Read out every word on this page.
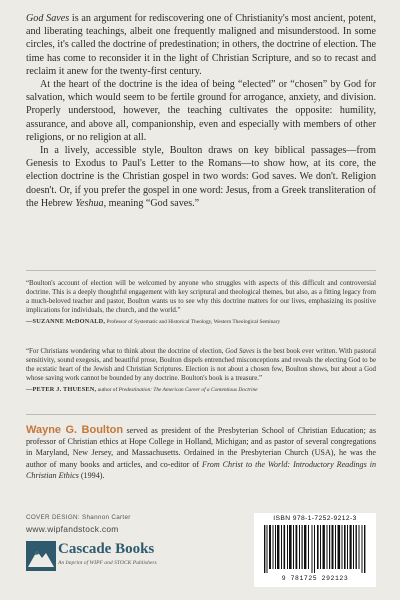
God Saves is an argument for rediscovering one of Christianity's most ancient, potent, and liberating teachings, albeit one frequently maligned and misunderstood. In some circles, it's called the doctrine of predestination; in others, the doctrine of election. The time has come to reconsider it in the light of Christian Scripture, and so to recast and reclaim it anew for the twenty-first century.

At the heart of the doctrine is the idea of being “elected” or “chosen” by God for salvation, which would seem to be fertile ground for arrogance, anxiety, and division. Properly understood, however, the teaching cultivates the opposite: humility, assurance, and above all, companionship, even and especially with members of other religions, or no religion at all.

In a lively, accessible style, Boulton draws on key biblical passages—from Genesis to Exodus to Paul's Letter to the Romans—to show how, at its core, the election doctrine is the Christian gospel in two words: God saves. We don't. Religion doesn't. Or, if you prefer the gospel in one word: Jesus, from a Greek transliteration of the Hebrew Yeshua, meaning “God saves.”

“Boulton's account of election will be welcomed by anyone who struggles with aspects of this difficult and controversial doctrine. This is a deeply thoughtful engagement with key scriptural and theological themes, but also, as a fitting legacy from a much-beloved teacher and pastor, Boulton wants us to see why this doctrine matters for our lives, emphasizing its positive implications for individuals, the church, and the world.”

—SUZANNE McDONALD, Professor of Systematic and Historical Theology, Western Theological Seminary

“For Christians wondering what to think about the doctrine of election, God Saves is the best book ever written. With pastoral sensitivity, sound exegesis, and beautiful prose, Boulton dispels entrenched misconceptions and reveals the electing God to be the ecstatic heart of the Jewish and Christian Scriptures. Election is not about a chosen few, Boulton shows, but about a God whose saving work cannot be bounded by any doctrine. Boulton's book is a treasure.”

—PETER J. THUESEN, author of Predestination: The American Career of a Contentious Doctrine

Wayne G. Boulton served as president of the Presbyterian School of Christian Education; as professor of Christian ethics at Hope College in Holland, Michigan; and as pastor of several congregations in Maryland, New Jersey, and Massachusetts. Ordained in the Presbyterian Church (USA), he was the author of many books and articles, and co-editor of From Christ to the World: Introductory Readings in Christian Ethics (1994).
COVER DESIGN: Shannon Carter
www.wipfandstock.com
Cascade Books
An Imprint of WIPF and STOCK Publishers
ISBN 978-1-7252-9212-3
9 781725 292123
